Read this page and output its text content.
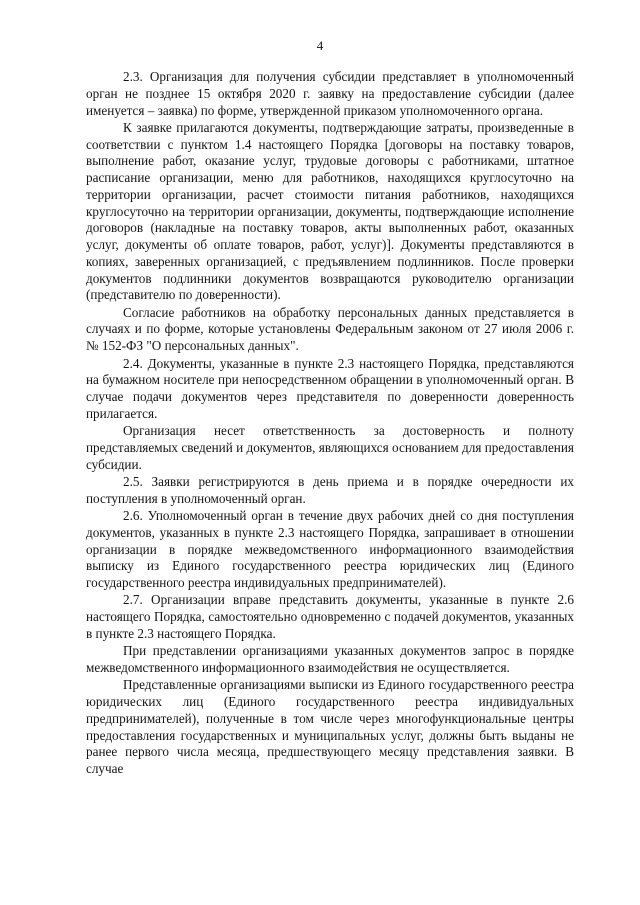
4

2.3. Организация для получения субсидии представляет в уполномоченный орган не позднее 15 октября 2020 г. заявку на предоставление субсидии (далее именуется – заявка) по форме, утвержденной приказом уполномоченного органа.

К заявке прилагаются документы, подтверждающие затраты, произведенные в соответствии с пунктом 1.4 настоящего Порядка [договоры на поставку товаров, выполнение работ, оказание услуг, трудовые договоры с работниками, штатное расписание организации, меню для работников, находящихся круглосуточно на территории организации, расчет стоимости питания работников, находящихся круглосуточно на территории организации, документы, подтверждающие исполнение договоров (накладные на поставку товаров, акты выполненных работ, оказанных услуг, документы об оплате товаров, работ, услуг)]. Документы представляются в копиях, заверенных организацией, с предъявлением подлинников. После проверки документов подлинники документов возвращаются руководителю организации (представителю по доверенности).

Согласие работников на обработку персональных данных представляется в случаях и по форме, которые установлены Федеральным законом от 27 июля 2006 г. № 152-ФЗ "О персональных данных".

2.4. Документы, указанные в пункте 2.3 настоящего Порядка, представляются на бумажном носителе при непосредственном обращении в уполномоченный орган. В случае подачи документов через представителя по доверенности доверенность прилагается.

Организация несет ответственность за достоверность и полноту представляемых сведений и документов, являющихся основанием для предоставления субсидии.

2.5. Заявки регистрируются в день приема и в порядке очередности их поступления в уполномоченный орган.

2.6. Уполномоченный орган в течение двух рабочих дней со дня поступления документов, указанных в пункте 2.3 настоящего Порядка, запрашивает в отношении организации в порядке межведомственного информационного взаимодействия выписку из Единого государственного реестра юридических лиц (Единого государственного реестра индивидуальных предпринимателей).

2.7. Организации вправе представить документы, указанные в пункте 2.6 настоящего Порядка, самостоятельно одновременно с подачей документов, указанных в пункте 2.3 настоящего Порядка.

При представлении организациями указанных документов запрос в порядке межведомственного информационного взаимодействия не осуществляется.

Представленные организациями выписки из Единого государственного реестра юридических лиц (Единого государственного реестра индивидуальных предпринимателей), полученные в том числе через многофункциональные центры предоставления государственных и муниципальных услуг, должны быть выданы не ранее первого числа месяца, предшествующего месяцу представления заявки. В случае
